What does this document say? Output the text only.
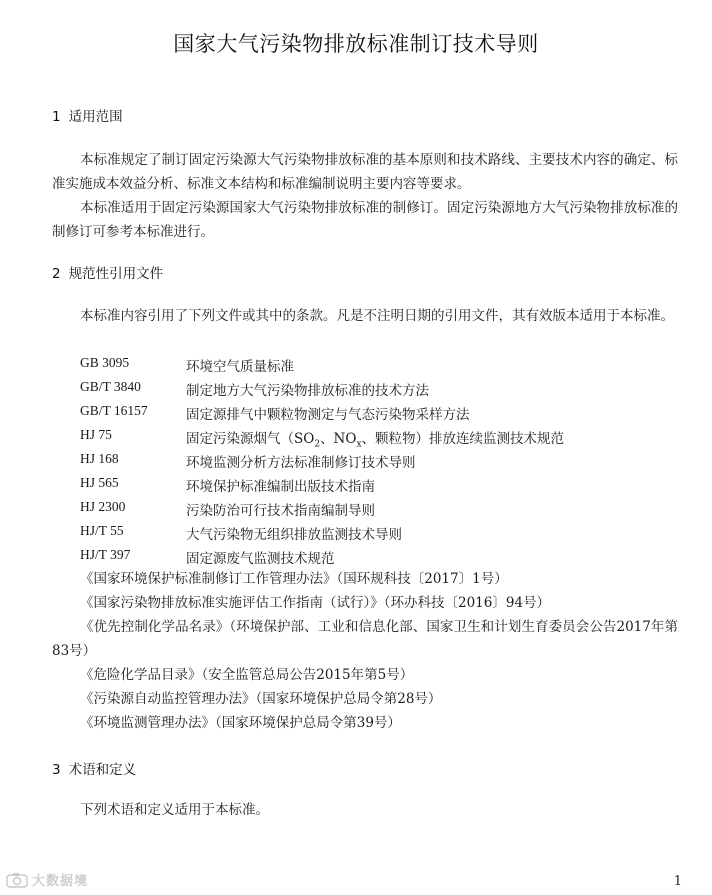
国家大气污染物排放标准制订技术导则
1 适用范围
本标准规定了制订固定污染源大气污染物排放标准的基本原则和技术路线、主要技术内容的确定、标准实施成本效益分析、标准文本结构和标准编制说明主要内容等要求。
本标准适用于固定污染源国家大气污染物排放标准的制修订。固定污染源地方大气污染物排放标准的制修订可参考本标准进行。
2 规范性引用文件
本标准内容引用了下列文件或其中的条款。凡是不注明日期的引用文件，其有效版本适用于本标准。
GB 3095	环境空气质量标准
GB/T 3840	制定地方大气污染物排放标准的技术方法
GB/T 16157	固定源排气中颗粒物测定与气态污染物采样方法
HJ 75	固定污染源烟气（$SO_2$、$NO_x$、颗粒物）排放连续监测技术规范
HJ 168	环境监测分析方法标准制修订技术导则
HJ 565	环境保护标准编制出版技术指南
HJ 2300	污染防治可行技术指南编制导则
HJ/T 55	大气污染物无组织排放监测技术导则
HJ/T 397	固定源废气监测技术规范
《国家环境保护标准制修订工作管理办法》（国环规科技〔2017〕1号）
《国家污染物排放标准实施评估工作指南（试行）》（环办科技〔2016〕94号）
《优先控制化学品名录》（环境保护部、工业和信息化部、国家卫生和计划生育委员会公告2017年第83号）
《危险化学品目录》（安全监管总局公告2015年第5号）
《污染源自动监控管理办法》（国家环境保护总局令第28号）
《环境监测管理办法》（国家环境保护总局令第39号）
3 术语和定义
下列术语和定义适用于本标准。
大数据境	1
